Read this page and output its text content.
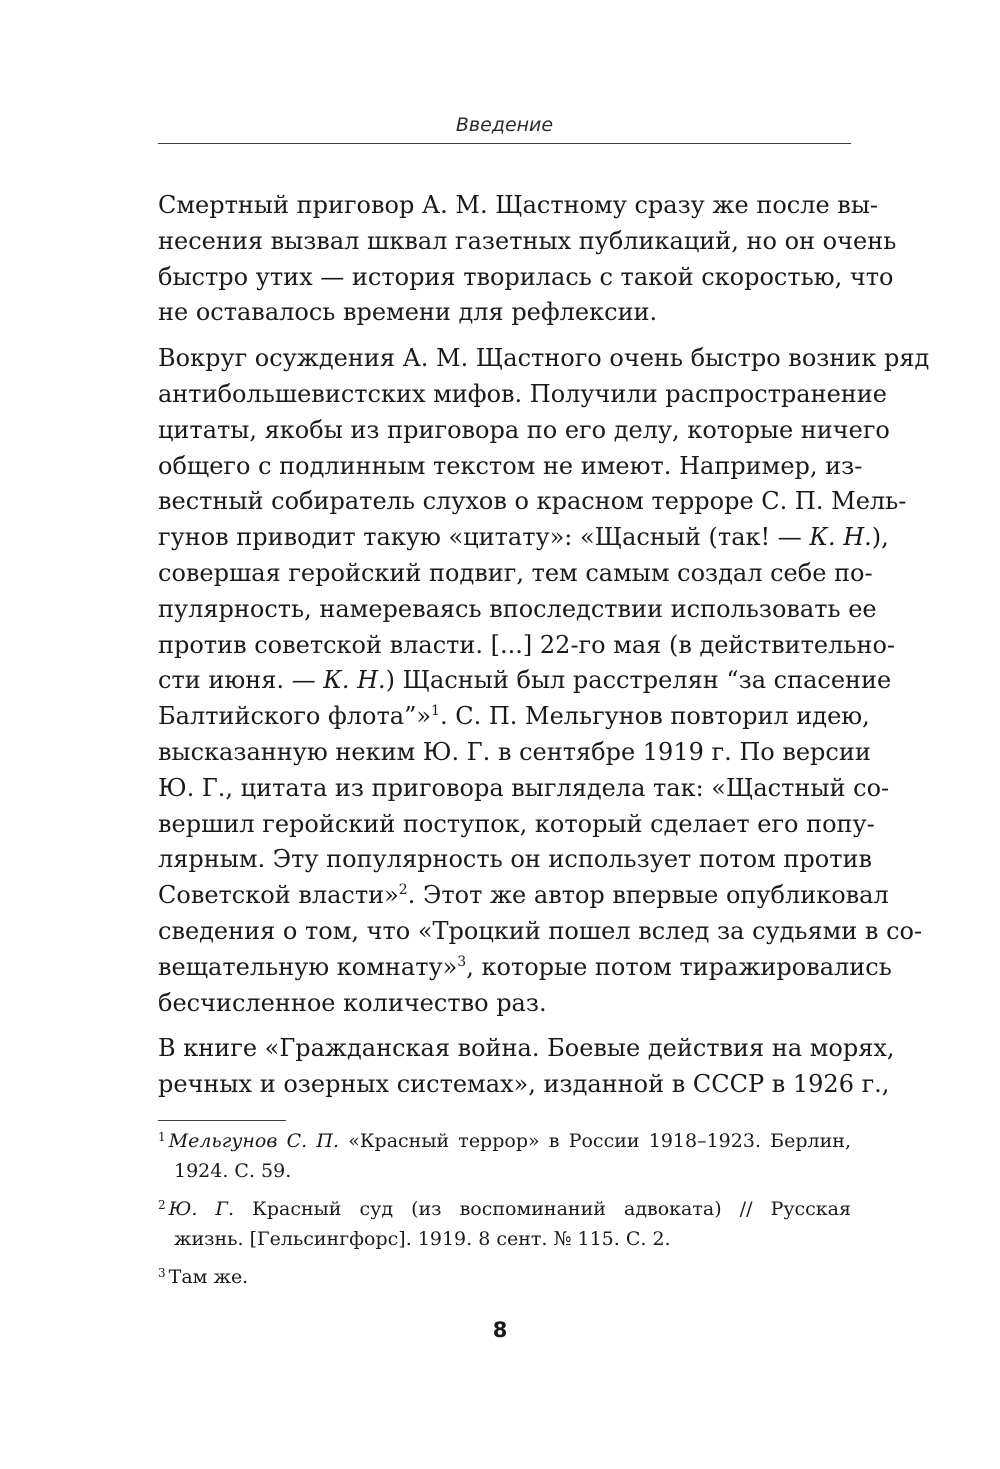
Введение

Смертный приговор А. М. Щастному сразу же после вы-
несения вызвал шквал газетных публикаций, но он очень
быстро утих — история творилась с такой скоростью, что
не оставалось времени для рефлексии.

Вокруг осуждения А. М. Щастного очень быстро возник ряд
антибольшевистских мифов. Получили распространение
цитаты, якобы из приговора по его делу, которые ничего
общего с подлинным текстом не имеют. Например, из-
вестный собиратель слухов о красном терроре С. П. Мель-
гунов приводит такую «цитату»: «Щасный (так! — К. Н.),
совершая геройский подвиг, тем самым создал себе по-
пулярность, намереваясь впоследствии использовать ее
против советской власти. [...] 22-го мая (в действительно-
сти июня. — К. Н.) Щасный был расстрелян “за спасение
Балтийского флота”»$^1$. С. П. Мельгунов повторил идею,
высказанную неким Ю. Г. в сентябре 1919 г. По версии
Ю. Г., цитата из приговора выглядела так: «Щастный со-
вершил геройский поступок, который сделает его попу-
лярным. Эту популярность он использует потом против
Советской власти»$^2$. Этот же автор впервые опубликовал
сведения о том, что «Троцкий пошел вслед за судьями в со-
вещательную комнату»$^3$, которые потом тиражировались
бесчисленное количество раз.

В книге «Гражданская война. Боевые действия на морях,
речных и озерных системах», изданной в СССР в 1926 г.,

$^1$ Мельгунов С. П. «Красный террор» в России 1918–1923. Берлин,
1924. С. 59.
$^2$ Ю. Г. Красный суд (из воспоминаний адвоката) // Русская
жизнь. [Гельсингфорс]. 1919. 8 сент. № 115. С. 2.
$^3$ Там же.
8
